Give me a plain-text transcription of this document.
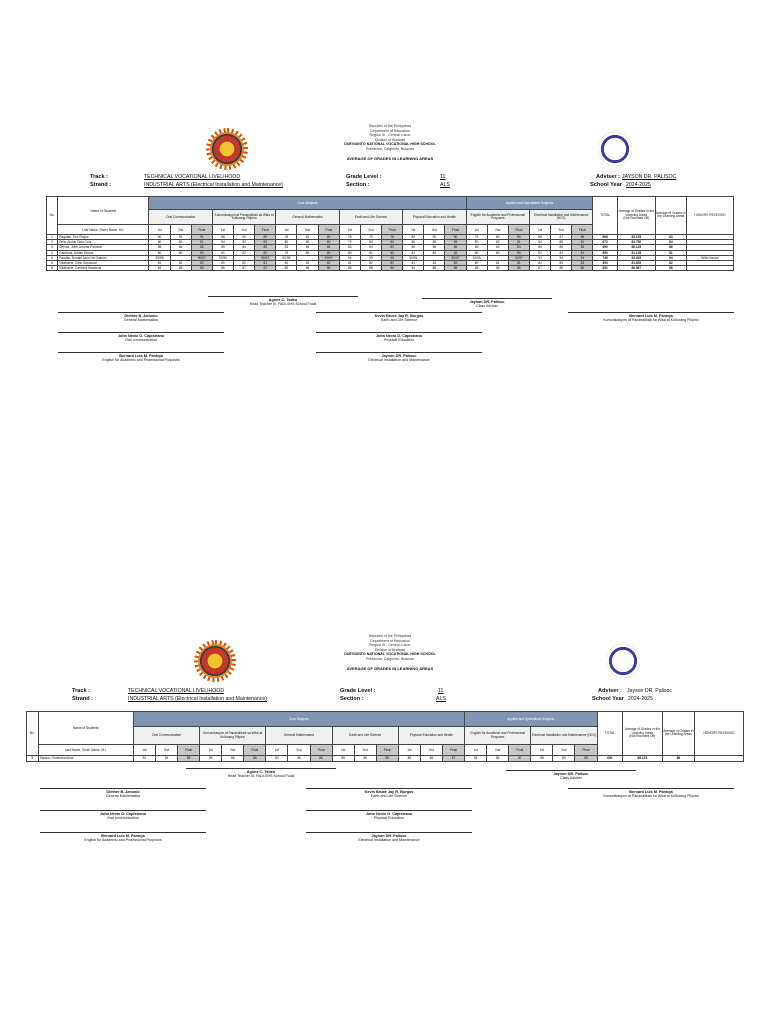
Republic of the Philippines
Department of Education
Region III - Central Luzon
Division of Bulacan
DUEGUINTO NATIONAL VOCATIONAL HIGH SCHOOL
Poblacion, Calguinto, Bulacan
AVERAGE OF GRADES IN LEARNING AREAS
Track :	TECHNICAL VOCATIONAL LIVELIHOOD
Strand :	INDUSTRIAL ARTS (Electrical Installation and Maintenance)
Grade Level :	11
Section :	ALS
Adviser : JAYSON DR. PALISOC
School Year 2024-2025
No.	Name of Students	Core Subjects															Applied and Specialized Subjects						TOTAL	Average of Grades in the Learning Areas
(Not Rounded Off)	Average of Grades in the Learning Areas	HONORS RECEIVED
		Oral Communication			Komunikasyon at Pananaliksik sa Wika at Kulturang Pilipino			General Mathematics			Earth and Life Science			Physical Education and Health			English for Academic and Professional Purposes			Electrical Installation and Maintenance (NCII)						
	Last Name, Given Name, M.I.	1st	2nd	Final	1st	2nd	Final	1st	2nd	Final	1st	2nd	Final	1st	2nd	Final	1st	2nd	Final	1st	2nd	Final				
1	Ragutan, Eric Roque	90	92	91	88	90	89	78	81	80	78	79	78	89	90	90	79	80	80	88	87	88	668	83.125	83	
2	Dela, Archie Dela Cruz	80	82	81	84	82	83	80	80	80	79	80	80	85	86	85	80	82	81	84	85	84	672	83.750	84	
3	Cervas, John Jerome Palomar	85	86	86	85	84	85	83	84	84	83	84	83	85	86	86	83	84	84	85	86	86	690	86.125	86	
4	Gabriana, Adrian Mozos	80	80	80	81	82	82	79	80	80	80	81	80	81	82	82	80	80	80	81	81	81	650	81.125	81	
5	Pandan, Ronald Alvin Del Gabriel	90/95		90/97	92/95		90/97	92/95		90/97	94	95	95	92/95		90/97	92/95		90/97	93	94	94	749	93.625	94	With Honors
6	Villafuerte, Cielo Sandoval	81	82	82	80	82	81	80	82	81	81	82	82	81	82	82	80	81	81	82	83	83	653	81.625	82	
6	Villafuerte, Carmina Sandoval	84	85	85	86	87	87	85	86	86	85	86	86	84	85	85	85	86	86	87	86	86	691	86.867	86	
Agnes C. Tadeo
Head Teacher III, FADI-SHS School Focal	Jayson DR. Palisoc
Class Adviser
Diether B. Antonio
General Mathematics
Kevin Bruce Jay R. Burgos
Earth and Life Science
Bernard Luis M. Pantoja
Komunikasyon at Pananaliksik sa Wika at Kulturang Pilipino
John Nevio D. Capistrano
Oral communication
John Nevio D. Capistrano
Physical Education
Bernard Luis M. Pantoja
English for Academic and Professional Purposes
Jayson DR. Palisoc
Electrical Installation and Maintenance
Republic of the Philippines
Department of Education
Region III - Central Luzon
Division of Bulacan
DUEGUINTO NATIONAL VOCATIONAL HIGH SCHOOL
Poblacion, Calguinto, Bulacan
AVERAGE OF GRADES IN LEARNING AREAS
Track :	TECHNICAL VOCATIONAL LIVELIHOOD
Strand :	INDUSTRIAL ARTS (Electrical Installation and Maintenance)
Grade Level :	11
Section :	ALS
Adviser : Jayson DR. Palisoc
School Year 2024-2025
No.	Name of Students	Core Subjects															Applied and Specialized Subjects						TOTAL	Average of Grades in the Learning Areas
(Not Rounded Off)	Average of Grades in the Learning Areas	HONORS RECEIVED
		Oral Communication			Komunikasyon at Pananaliksik sa Wika at Kulturang Pilipino			General Mathematics			Earth and Life Science			Physical Education and Health			English for Academic and Professional Purposes			Electrical Installation and Maintenance (NCII)						
	Last Name, Given Name, M.I.	1st	2nd	Final	1st	2nd	Final	1st	2nd	Final	1st	2nd	Final	1st	2nd	Final	1st	2nd	Final	1st	2nd	Final				
5	Saraca, Generosa Arias	82	84	85	85	86	86	84	86	86	85	86	86	85	86	87	85	86	87	88	89	89	690	86.125	86	
Agnes C. Tadeo
Head Teacher III, FADI-SHS School Focal	Jayson DR. Palisoc
Class Adviser
Diether B. Antonio
General Mathematics
Kevin Bruce Jay R. Burgos
Earth and Life Science
Bernard Luis M. Pantoja
Komunikasyon at Pananaliksik sa Wika at Kulturang Pilipino
John Nevio D. Capistrano
Oral communication
John Nevio D. Capistrano
Physical Education
Bernard Luis M. Pantoja
English for Academic and Professional Purposes
Jayson DR. Palisoc
Electrical Installation and Maintenance
